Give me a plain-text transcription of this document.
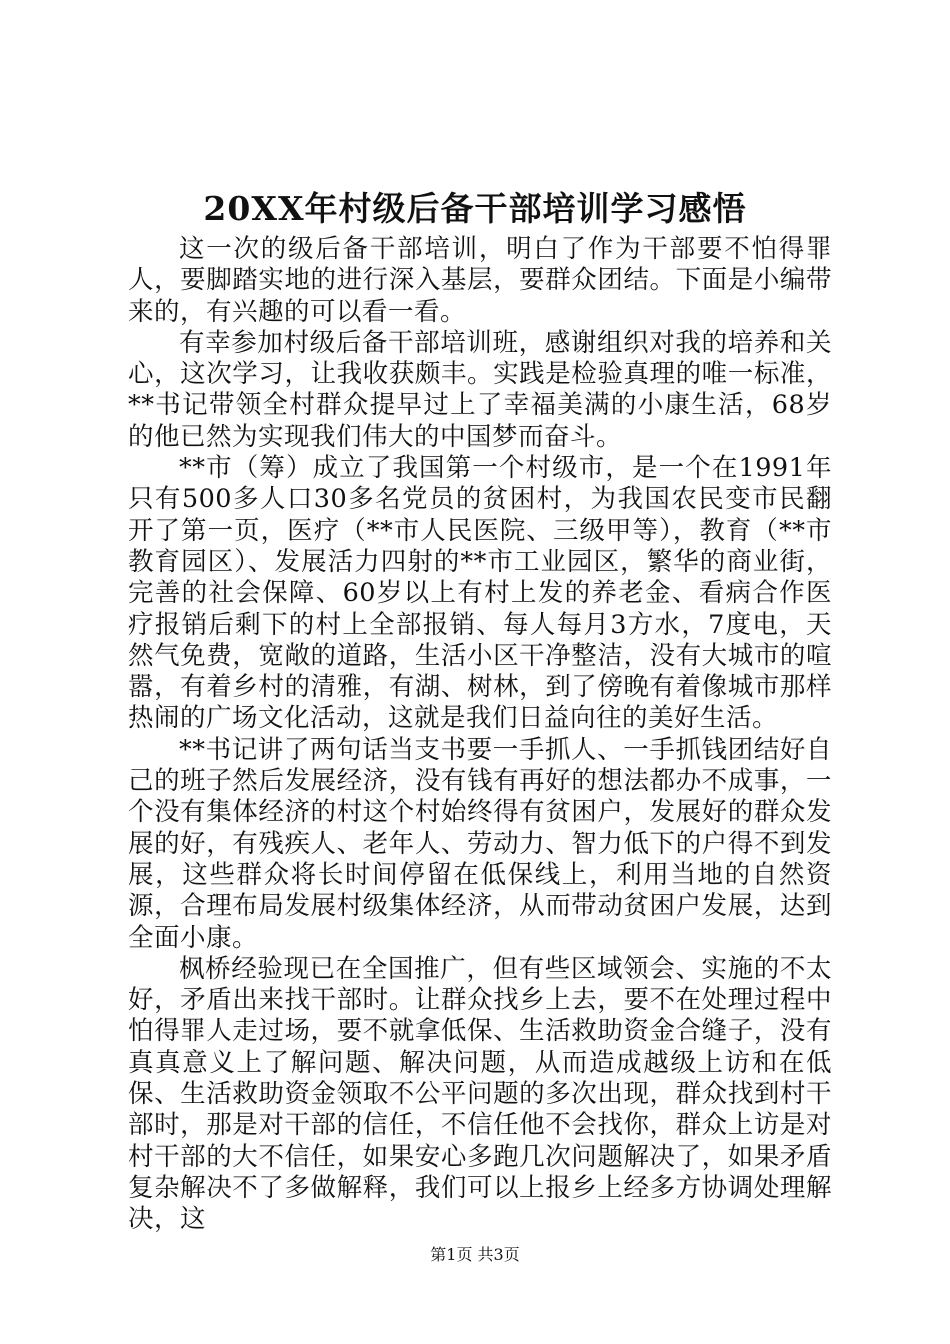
20XX年村级后备干部培训学习感悟

这一次的级后备干部培训，明白了作为干部要不怕得罪人，要脚踏实地的进行深入基层，要群众团结。下面是小编带来的，有兴趣的可以看一看。

有幸参加村级后备干部培训班，感谢组织对我的培养和关心，这次学习，让我收获颇丰。实践是检验真理的唯一标准，**书记带领全村群众提早过上了幸福美满的小康生活，68岁的他已然为实现我们伟大的中国梦而奋斗。

**市（筹）成立了我国第一个村级市，是一个在1991年只有500多人口30多名党员的贫困村，为我国农民变市民翻开了第一页，医疗（**市人民医院、三级甲等），教育（**市教育园区）、发展活力四射的**市工业园区，繁华的商业街，完善的社会保障、60岁以上有村上发的养老金、看病合作医疗报销后剩下的村上全部报销、每人每月3方水，7度电，天然气免费，宽敞的道路，生活小区干净整洁，没有大城市的喧嚣，有着乡村的清雅，有湖、树林，到了傍晚有着像城市那样热闹的广场文化活动，这就是我们日益向往的美好生活。

**书记讲了两句话当支书要一手抓人、一手抓钱团结好自己的班子然后发展经济，没有钱有再好的想法都办不成事，一个没有集体经济的村这个村始终得有贫困户，发展好的群众发展的好，有残疾人、老年人、劳动力、智力低下的户得不到发展，这些群众将长时间停留在低保线上，利用当地的自然资源，合理布局发展村级集体经济，从而带动贫困户发展，达到全面小康。

枫桥经验现已在全国推广，但有些区域领会、实施的不太好，矛盾出来找干部时。让群众找乡上去，要不在处理过程中怕得罪人走过场，要不就拿低保、生活救助资金合缝子，没有真真意义上了解问题、解决问题，从而造成越级上访和在低保、生活救助资金领取不公平问题的多次出现，群众找到村干部时，那是对干部的信任，不信任他不会找你，群众上访是对村干部的大不信任，如果安心多跑几次问题解决了，如果矛盾复杂解决不了多做解释，我们可以上报乡上经多方协调处理解决，这

第1页 共3页
